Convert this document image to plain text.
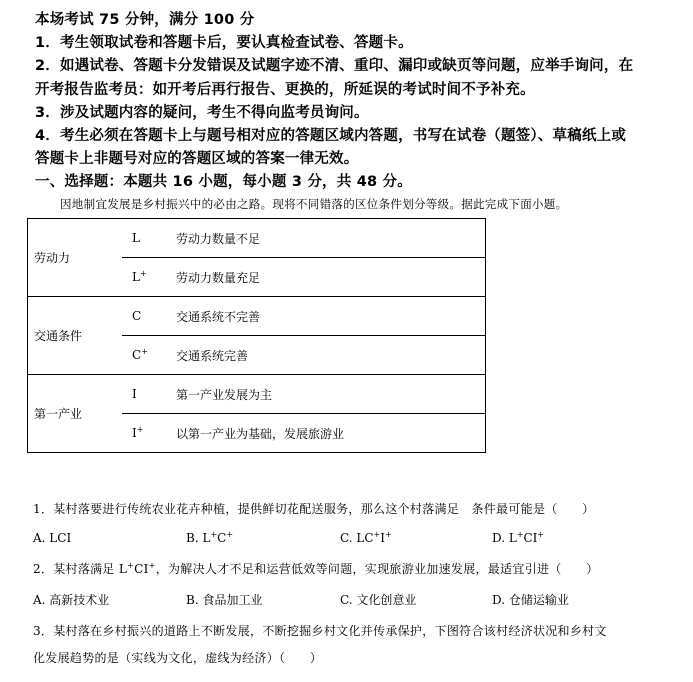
本场考试 75 分钟，满分 100 分
1．考生领取试卷和答题卡后，要认真检查试卷、答题卡。
2．如遇试卷、答题卡分发错误及试题字迹不清、重印、漏印或缺页等问题，应举手询问，在
开考报告监考员：如开考后再行报告、更换的，所延误的考试时间不予补充。
3．涉及试题内容的疑问，考生不得向监考员询问。
4．考生必须在答题卡上与题号相对应的答题区域内答题，书写在试卷（题签）、草稿纸上或
答题卡上非题号对应的答题区域的答案一律无效。
一、选择题：本题共 16 小题，每小题 3 分，共 48 分。
因地制宜发展是乡村振兴中的必由之路。现将不同错落的区位条件划分等级。据此完成下面小题。
劳动力	L	劳动力数量不足
	L+	劳动力数量充足
交通条件	C	交通系统不完善
	C+	交通系统完善
第一产业	I	第一产业发展为主
	I+	以第一产业为基础，发展旅游业
1．某村落要进行传统农业花卉种植，提供鲜切花配送服务，那么这个村落满足　条件最可能是（　　）
A. LCI	B. L+C+	C. LC+I+	D. L+CI+
2．某村落满足 L+CI+，为解决人才不足和运营低效等问题，实现旅游业加速发展，最适宜引进（　　）
A. 高新技术业	B. 食品加工业	C. 文化创意业	D. 仓储运输业
3．某村落在乡村振兴的道路上不断发展，不断挖掘乡村文化并传承保护，下图符合该村经济状况和乡村文
化发展趋势的是（实线为文化，虚线为经济）（　　）
